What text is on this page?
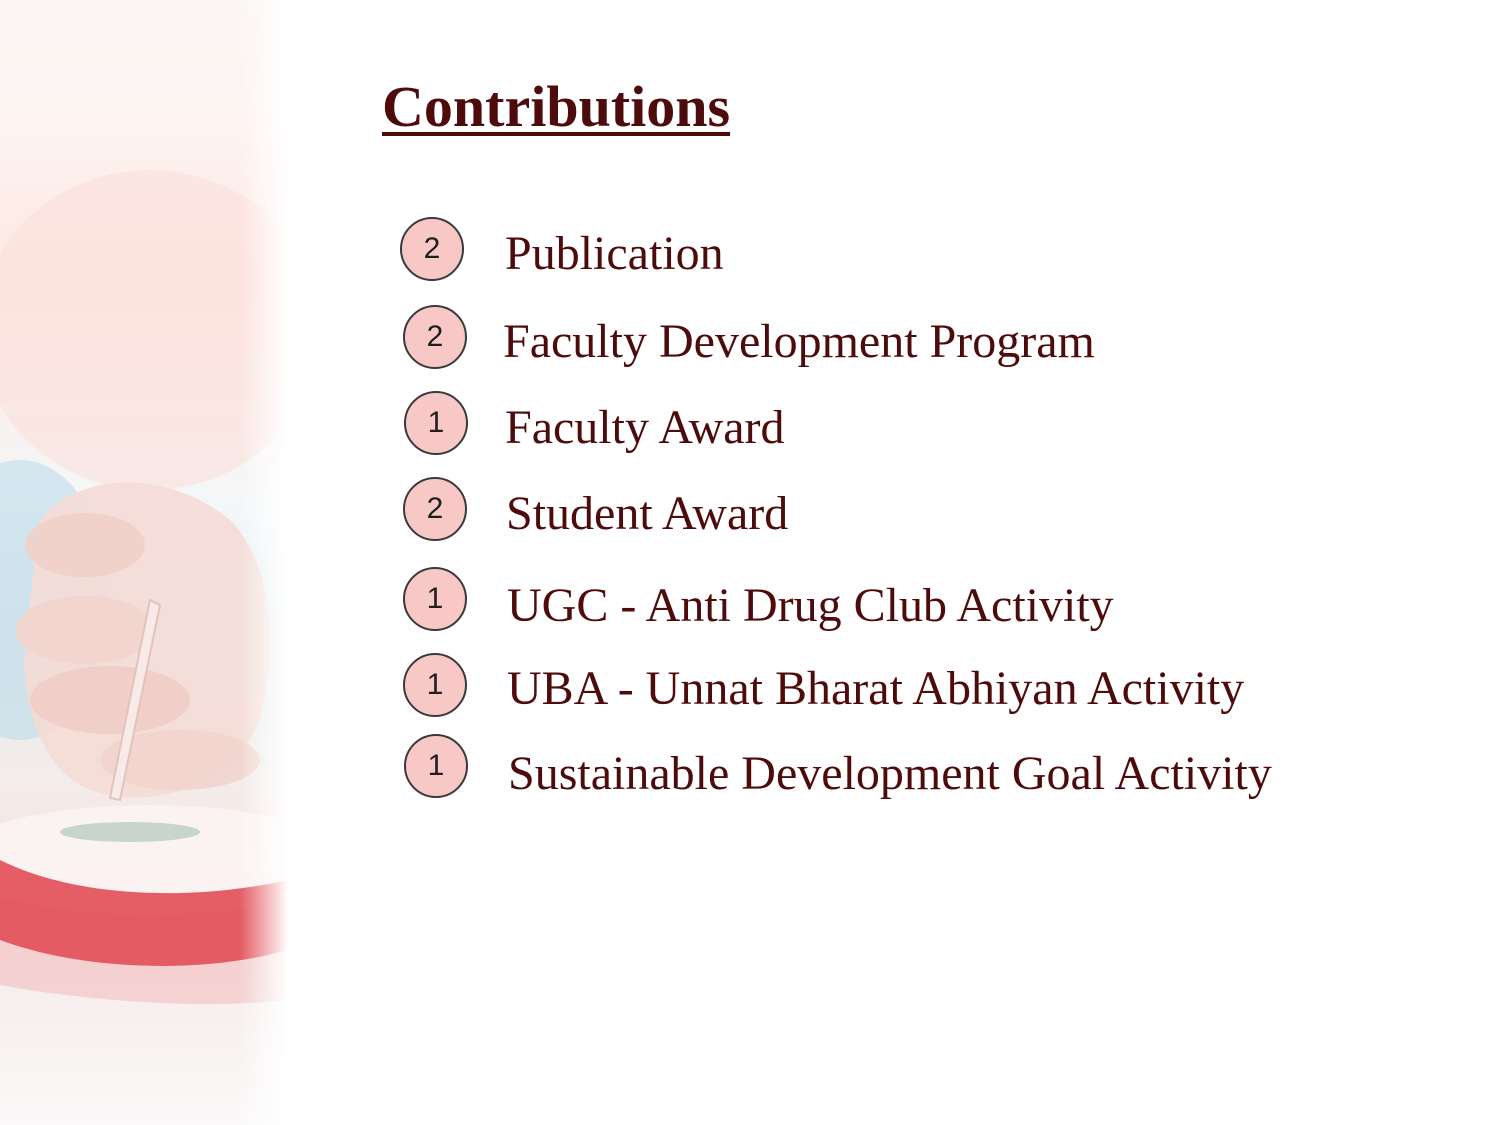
Contributions
2	Publication
2	Faculty Development Program
1	Faculty Award
2	Student Award
1	UGC - Anti Drug Club Activity
1	UBA - Unnat Bharat Abhiyan Activity
1	Sustainable Development Goal Activity
